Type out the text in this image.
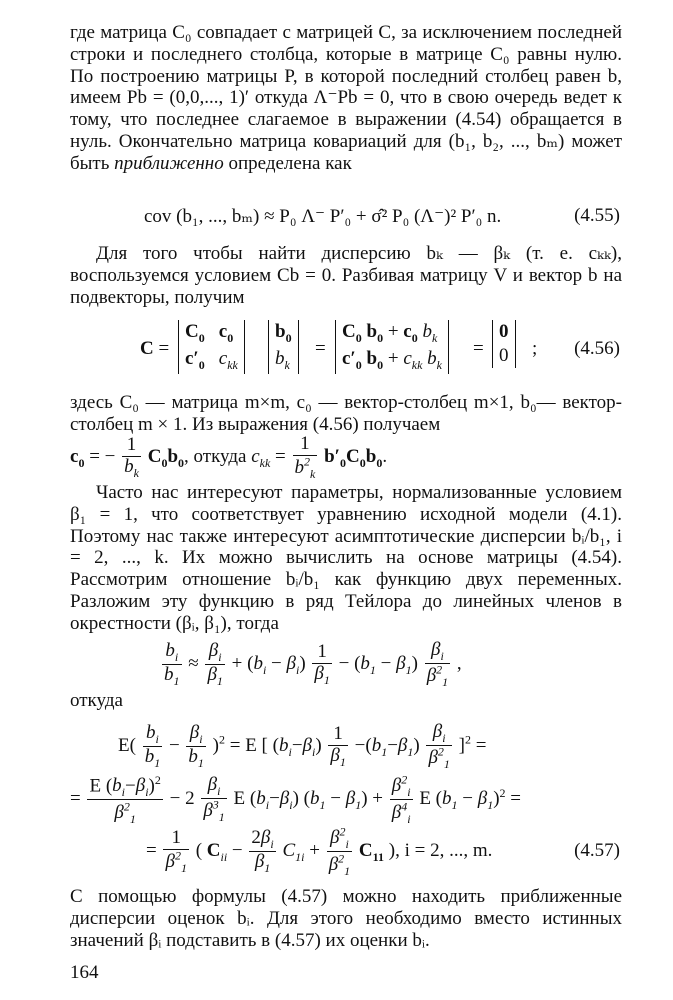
где матрица C₀ совпадает с матрицей C, за исключением последней строки и последнего столбца, которые в матрице C₀ равны нулю. По построению матрицы P, в которой последний столбец равен b, имеем Pb = (0,0,..., 1)′ откуда Λ⁻Pb = 0, что в свою очередь ведет к тому, что последнее слагаемое в выражении (4.54) обращается в нуль. Окончательно матрица ковариаций для (b₁, b₂, ..., bₘ) может быть приближенно определена как

cov (b₁, ..., bₘ) ≈ P₀ Λ⁻ P′₀ + σ̂² P₀ (Λ⁻)² P′₀ n.	(4.55)

Для того чтобы найти дисперсию bₖ — βₖ (т. е. cₖₖ), воспользуемся условием Cb = 0. Разбивая матрицу V и вектор b на подвекторы, получим

C =
$C_0$ $c_0$
$c'_0$ $c_{kk}$
$b_0$
$b_k$
=
$C_0$ $b_0 + c_0$ $b_k$
$c'_0$ $b_0 + c_{kk}$ $b_k$
=
0
0 ; (4.56)

здесь C₀ — матрица m×m, c₀ — вектор-столбец m×1, b₀— вектор-столбец m × 1. Из выражения (4.56) получаем

$c_0$ = − $\frac{1}{b_k} C_0b_0$, откуда $c_{kk} = \frac{1}{b^2_k} b'_0C_0b_0$.

Часто нас интересуют параметры, нормализованные условием β₁ = 1, что соответствует уравнению исходной модели (4.1). Поэтому нас также интересуют асимптотические дисперсии bᵢ/b₁, i = 2, ..., k. Их можно вычислить на основе матрицы (4.54). Рассмотрим отношение bᵢ/b₁ как функцию двух переменных. Разложим эту функцию в ряд Тейлора до линейных членов в окрестности (βᵢ, β₁), тогда

$\frac{b_i}{b_1} \approx \frac{\beta_i}{\beta_1} + (b_i - \beta_i) \frac{1}{\beta_1} - (b_1 - \beta_1) \frac{\beta_i}{\beta^2_1}$ ,

откуда

$E( \frac{b_i}{b_1} - \frac{\beta_i}{b_1} )^2 = E$ [ $(b_i-\beta_i) \frac{1}{\beta_1} -(b_1-\beta_1) \frac{\beta_i}{\beta^2_1} ]^2$ =
= $\frac{E (b_i-\beta_i)^2}{\beta^2_1} - 2 \frac{\beta_i}{\beta^3_1}$ E $(b_i-\beta_i) (b_1 - \beta_1) + \frac{\beta^2_i}{\beta^4_i}$ E $(b_1 - \beta_1)^2$ =
= $\frac{1}{\beta^2_1}$ ( $C_{ii} - \frac{2\beta_i}{\beta_1} C_{1i} + \frac{\beta^2_i}{\beta^2_1} C_{11}$ ), i = 2, ..., m.	(4.57)

С помощью формулы (4.57) можно находить приближенные дисперсии оценок bᵢ. Для этого необходимо вместо истинных значений βᵢ подставить в (4.57) их оценки bᵢ.

164
